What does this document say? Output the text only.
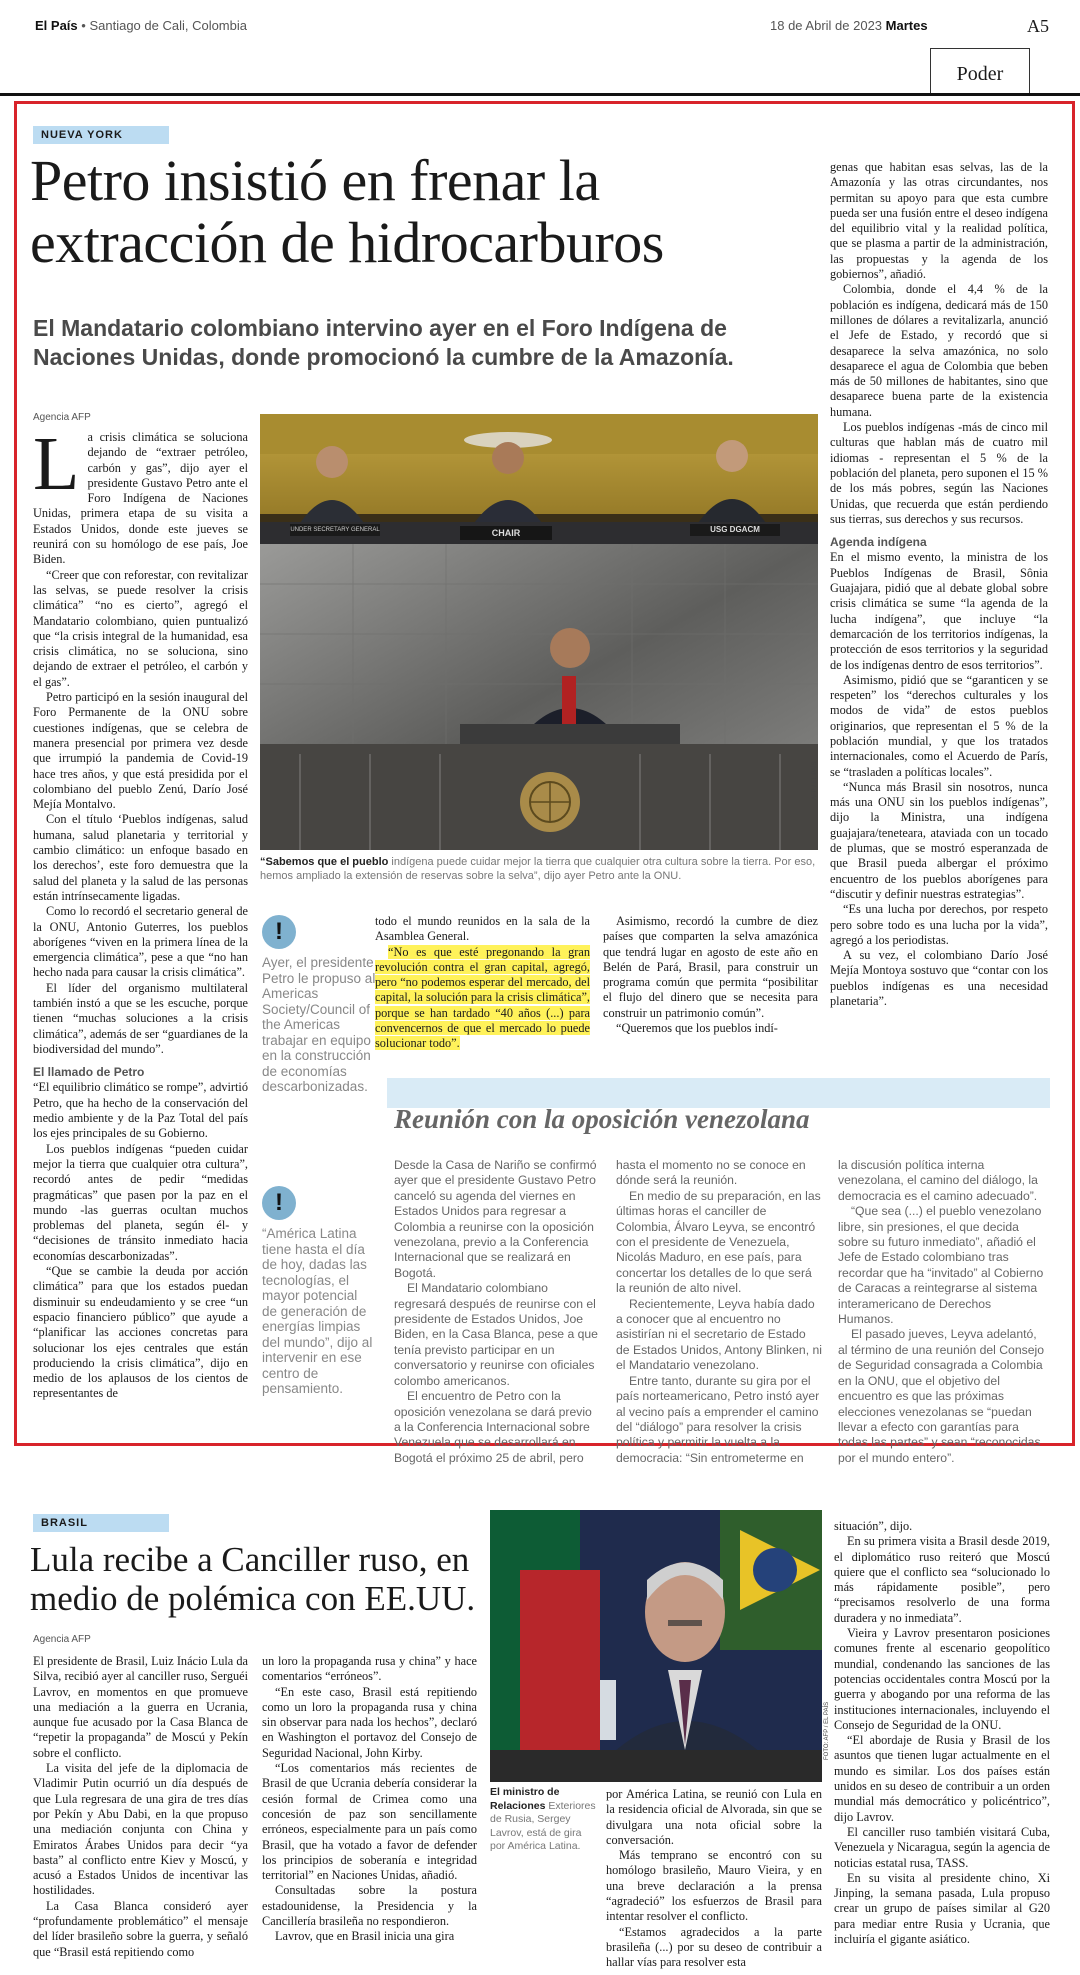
El País • Santiago de Cali, Colombia	18 de Abril de 2023 Martes	A5
Poder
NUEVA YORK
Petro insistió en frenar la
extracción de hidrocarburos
El Mandatario colombiano intervino ayer en el Foro Indígena de Naciones Unidas, donde promocionó la cumbre de la Amazonía.
Agencia AFP
L a crisis climática se soluciona dejando de “extraer petróleo, carbón y gas”, dijo ayer el presidente Gustavo Petro ante el Foro Indígena de Naciones Unidas, primera etapa de su visita a Estados Unidos, donde este jueves se reunirá con su homólogo de ese país, Joe Biden.

“Creer que con reforestar, con revitalizar las selvas, se puede resolver la crisis climática” “no es cierto”, agregó el Mandatario colombiano, quien puntualizó que “la crisis integral de la humanidad, esa crisis climática, no se soluciona, sino dejando de extraer el petróleo, el carbón y el gas”.

Petro participó en la sesión inaugural del Foro Permanente de la ONU sobre cuestiones indígenas, que se celebra de manera presencial por primera vez desde que irrumpió la pandemia de Covid-19 hace tres años, y que está presidida por el colombiano del pueblo Zenú, Darío José Mejía Montalvo.

Con el título ‘Pueblos indígenas, salud humana, salud planetaria y territorial y cambio climático: un enfoque basado en los derechos’, este foro demuestra que la salud del planeta y la salud de las personas están intrínsecamente ligadas.

Como lo recordó el secretario general de la ONU, Antonio Guterres, los pueblos aborígenes “viven en la primera línea de la emergencia climática”, pese a que “no han hecho nada para causar la crisis climática”.

El líder del organismo multilateral también instó a que se les escuche, porque tienen “muchas soluciones a la crisis climática”, además de ser “guardianes de la biodiversidad del mundo”.

El llamado de Petro

“El equilibrio climático se rompe”, advirtió Petro, que ha hecho de la conservación del medio ambiente y de la Paz Total del país los ejes principales de su Gobierno.

Los pueblos indígenas “pueden cuidar mejor la tierra que cualquier otra cultura”, recordó antes de pedir “medidas pragmáticas” que pasen por la paz en el mundo -las guerras ocultan muchos problemas del planeta, según él- y “decisiones de tránsito inmediato hacia economías descarbonizadas”.

“Que se cambie la deuda por acción climática” para que los estados puedan disminuir su endeudamiento y se cree “un espacio financiero público” que ayude a “planificar las acciones concretas para solucionar los ejes centrales que están produciendo la crisis climática”, dijo en medio de los aplausos de los cientos de representantes de

UNDER SECRETARY GENERAL	CHAIR	USG DGACM
AFP / EL PAÍS
“Sabemos que el pueblo indígena puede cuidar mejor la tierra que cualquier otra cultura sobre la tierra. Por eso, hemos ampliado la extensión de reservas sobre la selva”, dijo ayer Petro ante la ONU.
!
Ayer, el presidente Petro le propuso al Americas Society/Council of the Americas trabajar en equipo en la construcción de economías descarbonizadas.
!
“América Latina tiene hasta el día de hoy, dadas las tecnologías, el mayor potencial de generación de energías limpias del mundo”, dijo al intervenir en ese centro de pensamiento.

todo el mundo reunidos en la sala de la Asamblea General.

“No es que esté pregonando la gran revolución contra el gran capital, agregó, pero “no podemos esperar del mercado, del capital, la solución para la crisis climática”, porque se han tardado “40 años (...) para convencernos de que el mercado lo puede solucionar todo”.

Asimismo, recordó la cumbre de diez países que comparten la selva amazónica que tendrá lugar en agosto de este año en Belén de Pará, Brasil, para construir un programa común que permita “posibilitar el flujo del dinero que se necesita para construir un patrimonio común”.

“Queremos que los pueblos indí-

genas que habitan esas selvas, las de la Amazonía y las otras circundantes, nos permitan su apoyo para que esta cumbre pueda ser una fusión entre el deseo indígena del equilibrio vital y la realidad política, que se plasma a partir de la administración, las propuestas y la agenda de los gobiernos”, añadió.

Colombia, donde el 4,4 % de la población es indígena, dedicará más de 150 millones de dólares a revitalizarla, anunció el Jefe de Estado, y recordó que si desaparece la selva amazónica, no solo desaparece el agua de Colombia que beben más de 50 millones de habitantes, sino que desaparece buena parte de la existencia humana.

Los pueblos indígenas -más de cinco mil culturas que hablan más de cuatro mil idiomas - representan el 5 % de la población del planeta, pero suponen el 15 % de los más pobres, según las Naciones Unidas, que recuerda que están perdiendo sus tierras, sus derechos y sus recursos.

Agenda indígena

En el mismo evento, la ministra de los Pueblos Indígenas de Brasil, Sônia Guajajara, pidió que al debate global sobre crisis climática se sume “la agenda de la lucha indígena”, que incluye “la demarcación de los territorios indígenas, la protección de esos territorios y la seguridad de los indígenas dentro de esos territorios”.

Asimismo, pidió que se “garanticen y se respeten” los “derechos culturales y los modos de vida” de estos pueblos originarios, que representan el 5 % de la población mundial, y que los tratados internacionales, como el Acuerdo de París, se “trasladen a políticas locales”.

“Nunca más Brasil sin nosotros, nunca más una ONU sin los pueblos indígenas”, dijo la Ministra, una indígena guajajara/teneteara, ataviada con un tocado de plumas, que se mostró esperanzada de que Brasil pueda albergar el próximo encuentro de los pueblos aborígenes para “discutir y definir nuestras estrategias”.

“Es una lucha por derechos, por respeto pero sobre todo es una lucha por la vida”, agregó a los periodistas.

A su vez, el colombiano Darío José Mejía Montoya sostuvo que “contar con los pueblos indígenas es una necesidad planetaria”.

Reunión con la oposición venezolana

Desde la Casa de Nariño se confirmó ayer que el presidente Gustavo Petro canceló su agenda del viernes en Estados Unidos para regresar a Colombia a reunirse con la oposición venezolana, previo a la Conferencia Internacional que se realizará en Bogotá.

El Mandatario colombiano regresará después de reunirse con el presidente de Estados Unidos, Joe Biden, en la Casa Blanca, pese a que tenía previsto participar en un conversatorio y reunirse con oficiales colombo americanos.

El encuentro de Petro con la oposición venezolana se dará previo a la Conferencia Internacional sobre Venezuela que se desarrollará en Bogotá el próximo 25 de abril, pero

hasta el momento no se conoce en dónde será la reunión.

En medio de su preparación, en las últimas horas el canciller de Colombia, Álvaro Leyva, se encontró con el presidente de Venezuela, Nicolás Maduro, en ese país, para concertar los detalles de lo que será la reunión de alto nivel.

Recientemente, Leyva había dado a conocer que al encuentro no asistirían ni el secretario de Estado de Estados Unidos, Antony Blinken, ni el Mandatario venezolano.

Entre tanto, durante su gira por el país norteamericano, Petro instó ayer al vecino país a emprender el camino del “diálogo” para resolver la crisis política y permitir la vuelta a la democracia: “Sin entrometerme en

la discusión política interna venezolana, el camino del diálogo, la democracia es el camino adecuado”.

“Que sea (...) el pueblo venezolano libre, sin presiones, el que decida sobre su futuro inmediato”, añadió el Jefe de Estado colombiano tras recordar que ha “invitado” al Cobierno de Caracas a reintegrarse al sistema interamericano de Derechos Humanos.

El pasado jueves, Leyva adelantó, al término de una reunión del Consejo de Seguridad consagrada a Colombia en la ONU, que el objetivo del encuentro es que las próximas elecciones venezolanas se “puedan llevar a efecto con garantías para todas las partes” y sean “reconocidas por el mundo entero”.

BRASIL
Lula recibe a Canciller ruso, en
medio de polémica con EE.UU.
Agencia AFP

El presidente de Brasil, Luiz Inácio Lula da Silva, recibió ayer al canciller ruso, Serguéi Lavrov, en momentos en que promueve una mediación a la guerra en Ucrania, aunque fue acusado por la Casa Blanca de “repetir la propaganda” de Moscú y Pekín sobre el conflicto.

La visita del jefe de la diplomacia de Vladimir Putin ocurrió un día después de que Lula regresara de una gira de tres días por Pekín y Abu Dabi, en la que propuso una mediación conjunta con China y Emiratos Árabes Unidos para decir “ya basta” al conflicto entre Kiev y Moscú, y acusó a Estados Unidos de incentivar las hostilidades.

La Casa Blanca consideró ayer “profundamente problemático” el mensaje del líder brasileño sobre la guerra, y señaló que “Brasil está repitiendo como

un loro la propaganda rusa y china” y hace comentarios “erróneos”.

“En este caso, Brasil está repitiendo como un loro la propaganda rusa y china sin observar para nada los hechos”, declaró en Washington el portavoz del Consejo de Seguridad Nacional, John Kirby.

“Los comentarios más recientes de Brasil de que Ucrania debería considerar la cesión formal de Crimea como una concesión de paz son sencillamente erróneos, especialmente para un país como Brasil, que ha votado a favor de defender los principios de soberanía e integridad territorial” en Naciones Unidas, añadió.

Consultadas sobre la postura estadounidense, la Presidencia y la Cancillería brasileña no respondieron.

Lavrov, que en Brasil inicia una gira

FOTO: AFP / EL PAÍS
El ministro de Relaciones Exteriores de Rusia, Sergey Lavrov, está de gira por América Latina.

por América Latina, se reunió con Lula en la residencia oficial de Alvorada, sin que se divulgara una nota oficial sobre la conversación.

Más temprano se encontró con su homólogo brasileño, Mauro Vieira, y en una breve declaración a la prensa “agradeció” los esfuerzos de Brasil para intentar resolver el conflicto.

“Estamos agradecidos a la parte brasileña (...) por su deseo de contribuir a hallar vías para resolver esta

situación”, dijo.

En su primera visita a Brasil desde 2019, el diplomático ruso reiteró que Moscú quiere que el conflicto sea “solucionado lo más rápidamente posible”, pero “precisamos resolverlo de una forma duradera y no inmediata”.

Vieira y Lavrov presentaron posiciones comunes frente al escenario geopolítico mundial, condenando las sanciones de las potencias occidentales contra Moscú por la guerra y abogando por una reforma de las instituciones internacionales, incluyendo el Consejo de Seguridad de la ONU.

“El abordaje de Rusia y Brasil de los asuntos que tienen lugar actualmente en el mundo es similar. Los dos países están unidos en su deseo de contribuir a un orden mundial más democrático y policéntrico”, dijo Lavrov.

El canciller ruso también visitará Cuba, Venezuela y Nicaragua, según la agencia de noticias estatal rusa, TASS.

En su visita al presidente chino, Xi Jinping, la semana pasada, Lula propuso crear un grupo de países similar al G20 para mediar entre Rusia y Ucrania, que incluiría el gigante asiático.
